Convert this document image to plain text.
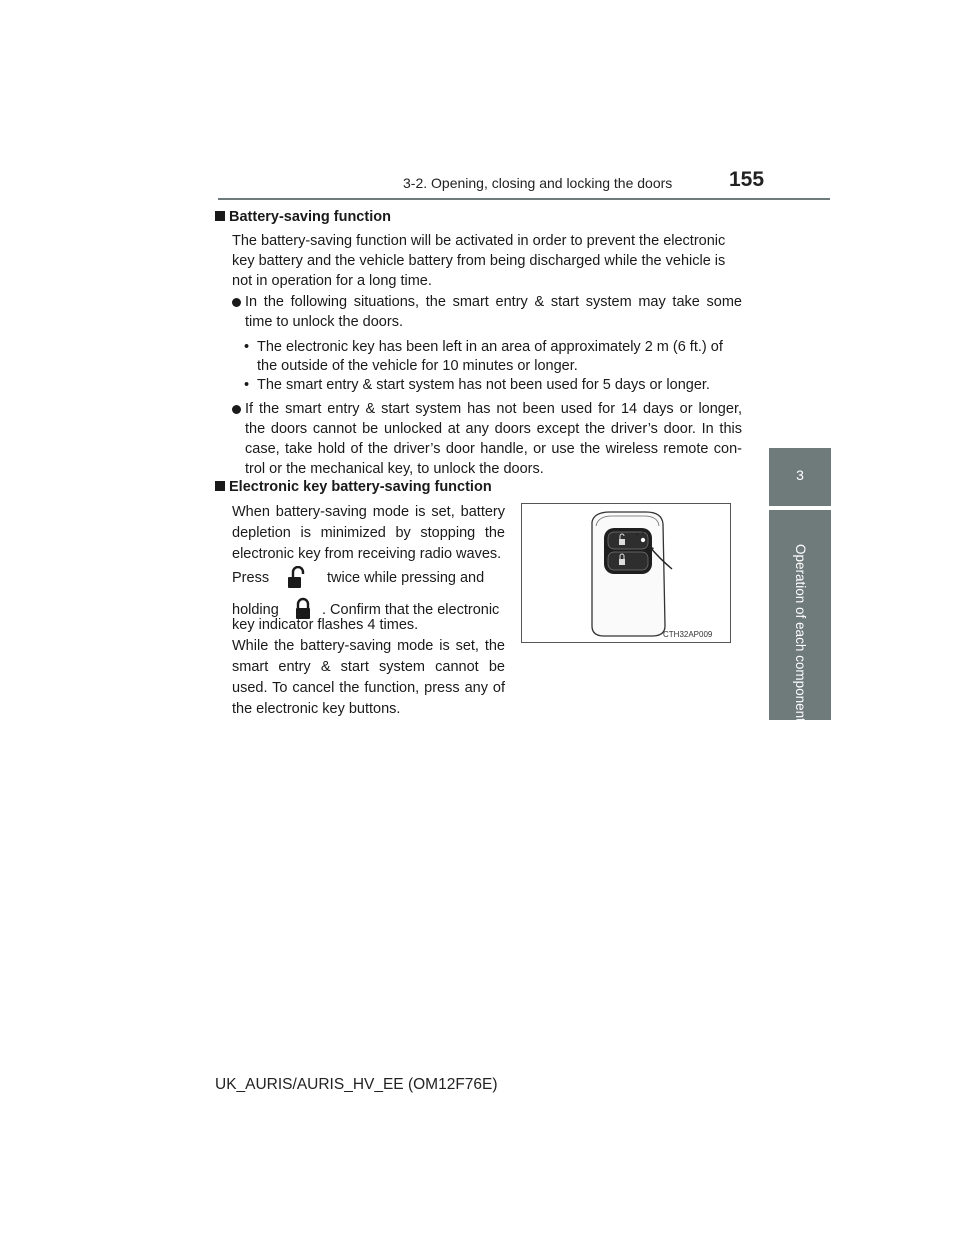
3-2. Opening, closing and locking the doors	155
3
Operation of each component
Battery-saving function
The battery-saving function will be activated in order to prevent the electronic
key battery and the vehicle battery from being discharged while the vehicle is
not in operation for a long time.
In the following situations, the smart entry & start system may take some
time to unlock the doors.
• The electronic key has been left in an area of approximately 2 m (6 ft.) of
the outside of the vehicle for 10 minutes or longer.
• The smart entry & start system has not been used for 5 days or longer.
If the smart entry & start system has not been used for 14 days or longer,
the doors cannot be unlocked at any doors except the driver’s door. In this
case, take hold of the driver’s door handle, or use the wireless remote con-
trol or the mechanical key, to unlock the doors.
Electronic key battery-saving function
When battery-saving mode is set, battery
depletion is minimized by stopping the
electronic key from receiving radio waves.
Press	twice while pressing and
holding	. Confirm that the electronic
key indicator flashes 4 times.
While the battery-saving mode is set, the
smart entry & start system cannot be
used. To cancel the function, press any of
the electronic key buttons.
CTH32AP009
UK_AURIS/AURIS_HV_EE (OM12F76E)
